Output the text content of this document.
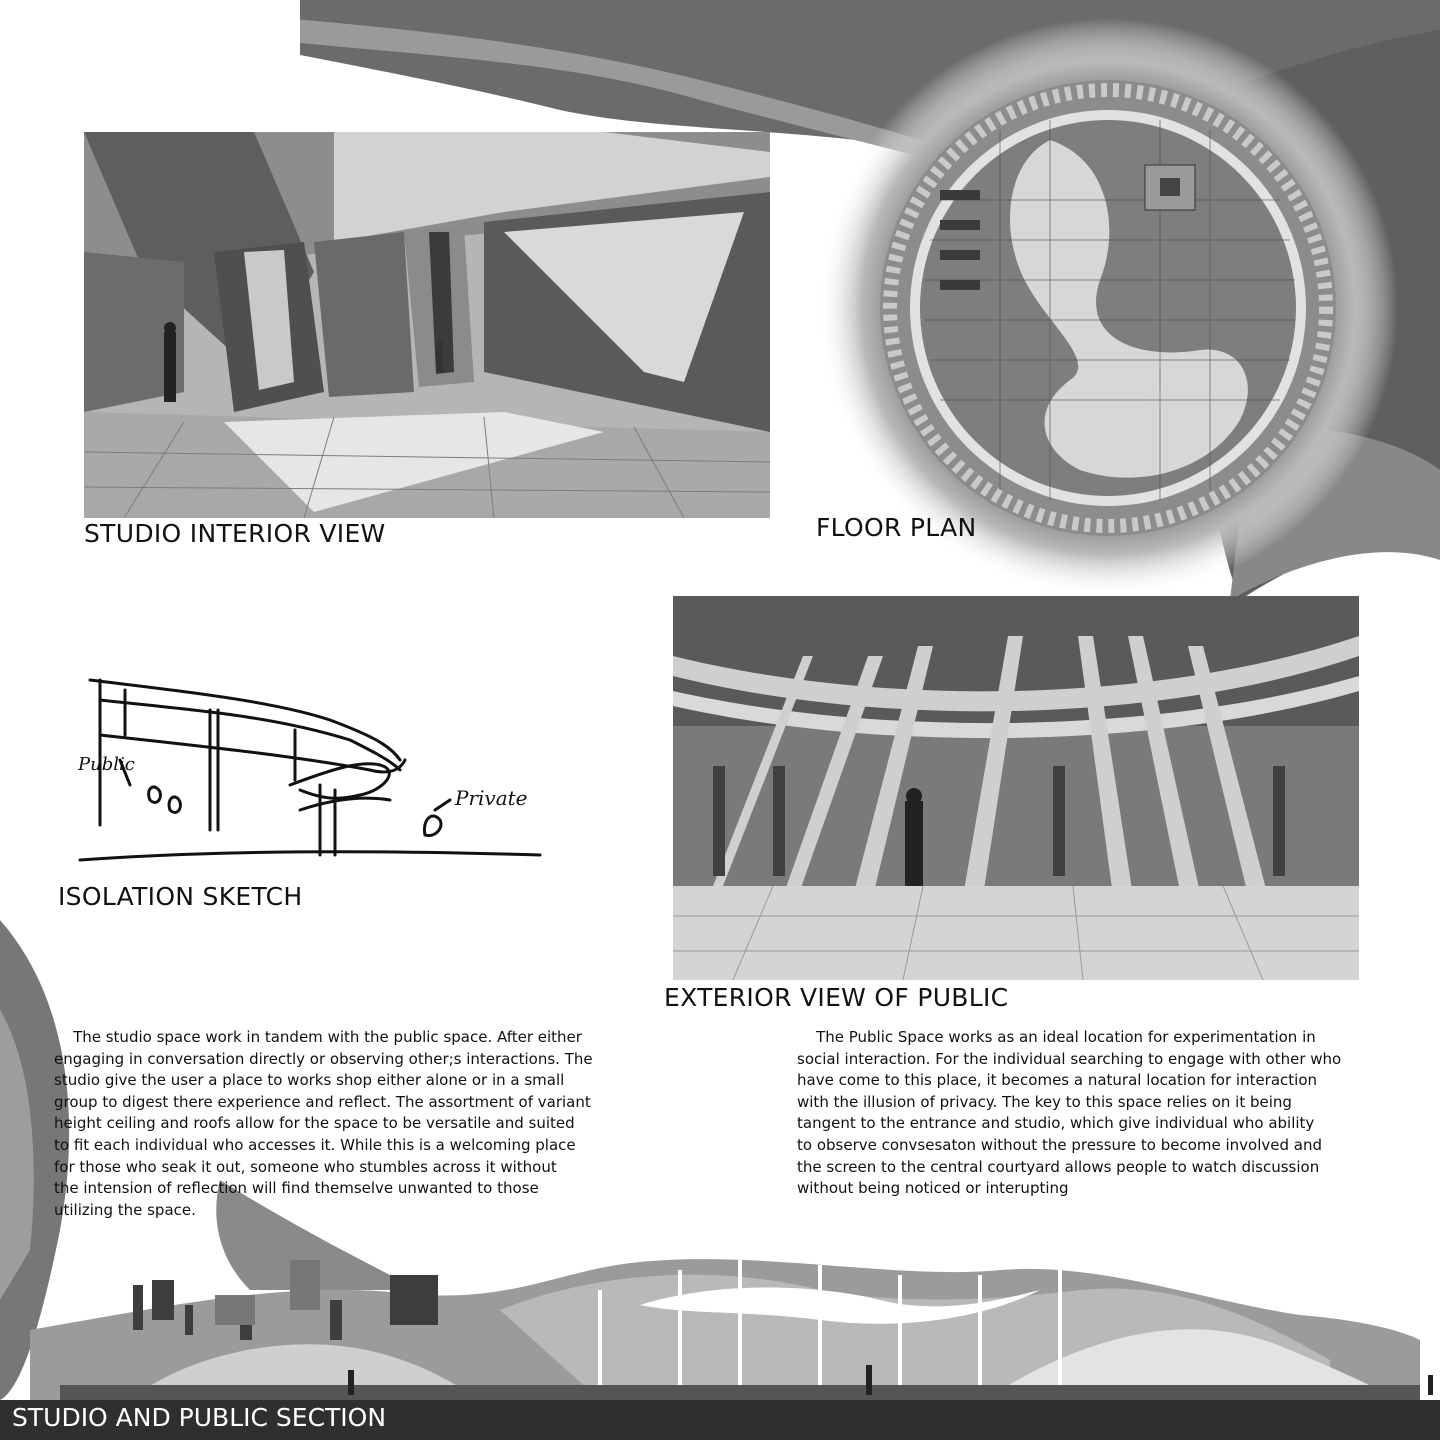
STUDIO INTERIOR VIEW	FLOOR PLAN
Public
Private
ISOLATION SKETCH
EXTERIOR VIEW OF PUBLIC
The studio space work in tandem with the public space. After either
engaging in conversation directly or observing other;s interactions. The
studio give the user a place to works shop either alone or in a small
group to digest there experience and reflect. The assortment of variant
height ceiling and roofs allow for the space to be versatile and suited
to fit each individual who accesses it. While this is a welcoming place
for those who seak it out, someone who stumbles across it without
the intension of reflection will find themselve unwanted to those
utilizing the space.
The Public Space works as an ideal location for experimentation in
social interaction. For the individual searching to engage with other who
have come to this place, it becomes a natural location for interaction
with the illusion of privacy. The key to this space relies on it being
tangent to the entrance and studio, which give individual who ability
to observe convsesaton without the pressure to become involved and
the screen to the central courtyard allows people to watch discussion
without being noticed or interupting
STUDIO AND PUBLIC SECTION
